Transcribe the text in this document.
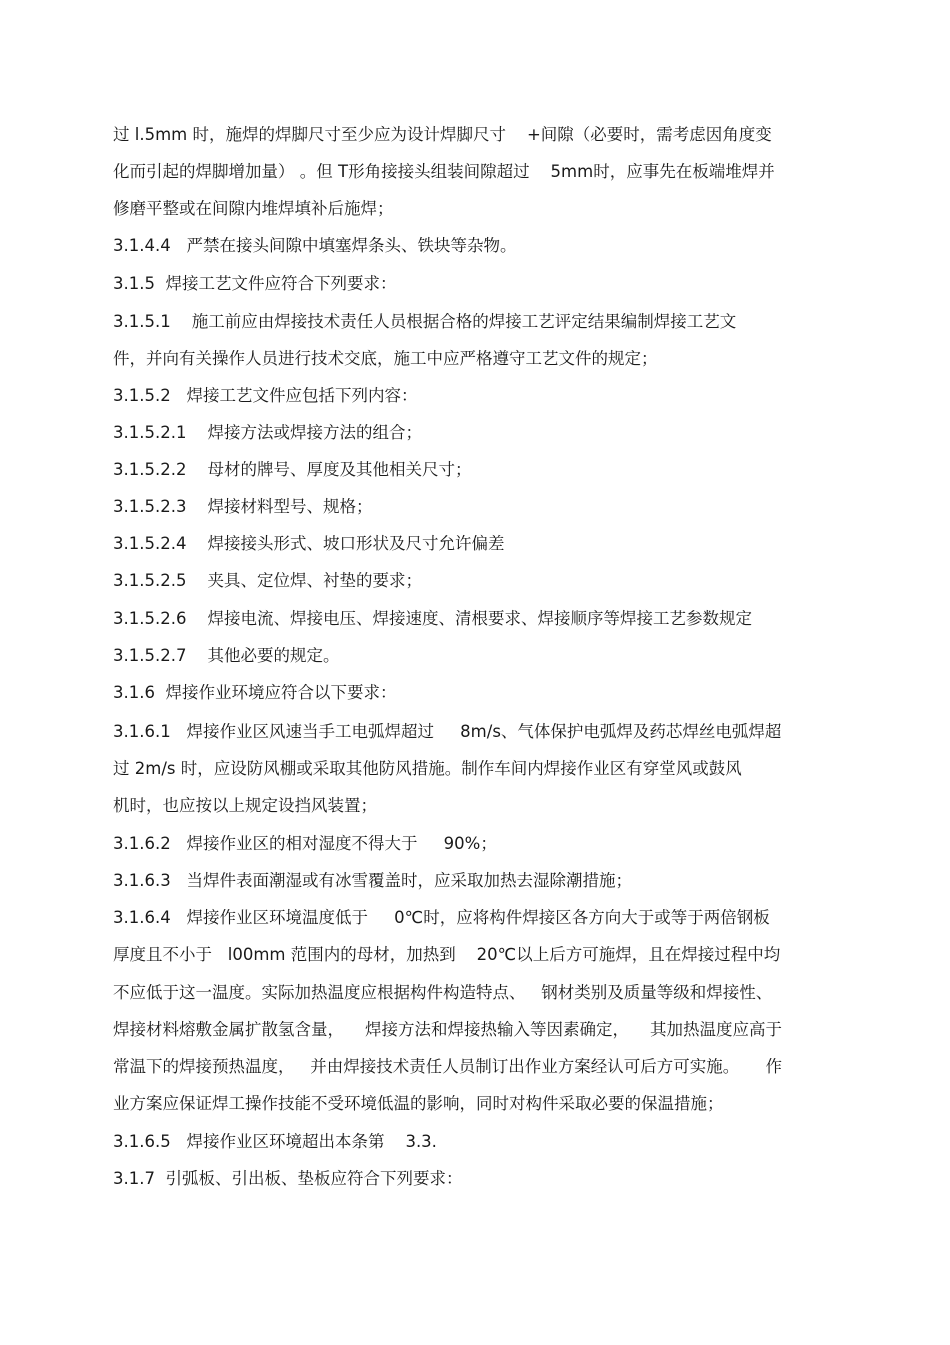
过 l.5mm 时，施焊的焊脚尺寸至少应为设计焊脚尺寸    +间隙（必要时，需考虑因角度变
化而引起的焊脚增加量） 。但 T形角接接头组装间隙超过    5mm时，应事先在板端堆焊并
修磨平整或在间隙内堆焊填补后施焊；
3.1.4.4   严禁在接头间隙中填塞焊条头、铁块等杂物。
3.1.5  焊接工艺文件应符合下列要求：
3.1.5.1    施工前应由焊接技术责任人员根据合格的焊接工艺评定结果编制焊接工艺文
件，并向有关操作人员进行技术交底，施工中应严格遵守工艺文件的规定；
3.1.5.2   焊接工艺文件应包括下列内容：
3.1.5.2.1    焊接方法或焊接方法的组合；
3.1.5.2.2    母材的牌号、厚度及其他相关尺寸；
3.1.5.2.3    焊接材料型号、规格；
3.1.5.2.4    焊接接头形式、坡口形状及尺寸允许偏差
3.1.5.2.5    夹具、定位焊、衬垫的要求；
3.1.5.2.6    焊接电流、焊接电压、焊接速度、清根要求、焊接顺序等焊接工艺参数规定
3.1.5.2.7    其他必要的规定。
3.1.6  焊接作业环境应符合以下要求：
3.1.6.1   焊接作业区风速当手工电弧焊超过     8m/s、气体保护电弧焊及药芯焊丝电弧焊超
过 2m/s 时，应设防风棚或采取其他防风措施。制作车间内焊接作业区有穿堂风或鼓风
机时，也应按以上规定设挡风装置；
3.1.6.2   焊接作业区的相对湿度不得大于     90%；
3.1.6.3   当焊件表面潮湿或有冰雪覆盖时，应采取加热去湿除潮措施；
3.1.6.4   焊接作业区环境温度低于     0℃时，应将构件焊接区各方向大于或等于两倍钢板
厚度且不小于   l00mm 范围内的母材，加热到    20℃以上后方可施焊，且在焊接过程中均
不应低于这一温度。实际加热温度应根据构件构造特点、   钢材类别及质量等级和焊接性、
焊接材料熔敷金属扩散氢含量，    焊接方法和焊接热输入等因素确定，    其加热温度应高于
常温下的焊接预热温度，   并由焊接技术责任人员制订出作业方案经认可后方可实施。     作
业方案应保证焊工操作技能不受环境低温的影响，同时对构件采取必要的保温措施；
3.1.6.5   焊接作业区环境超出本条第    3.3.
3.1.7  引弧板、引出板、垫板应符合下列要求：
